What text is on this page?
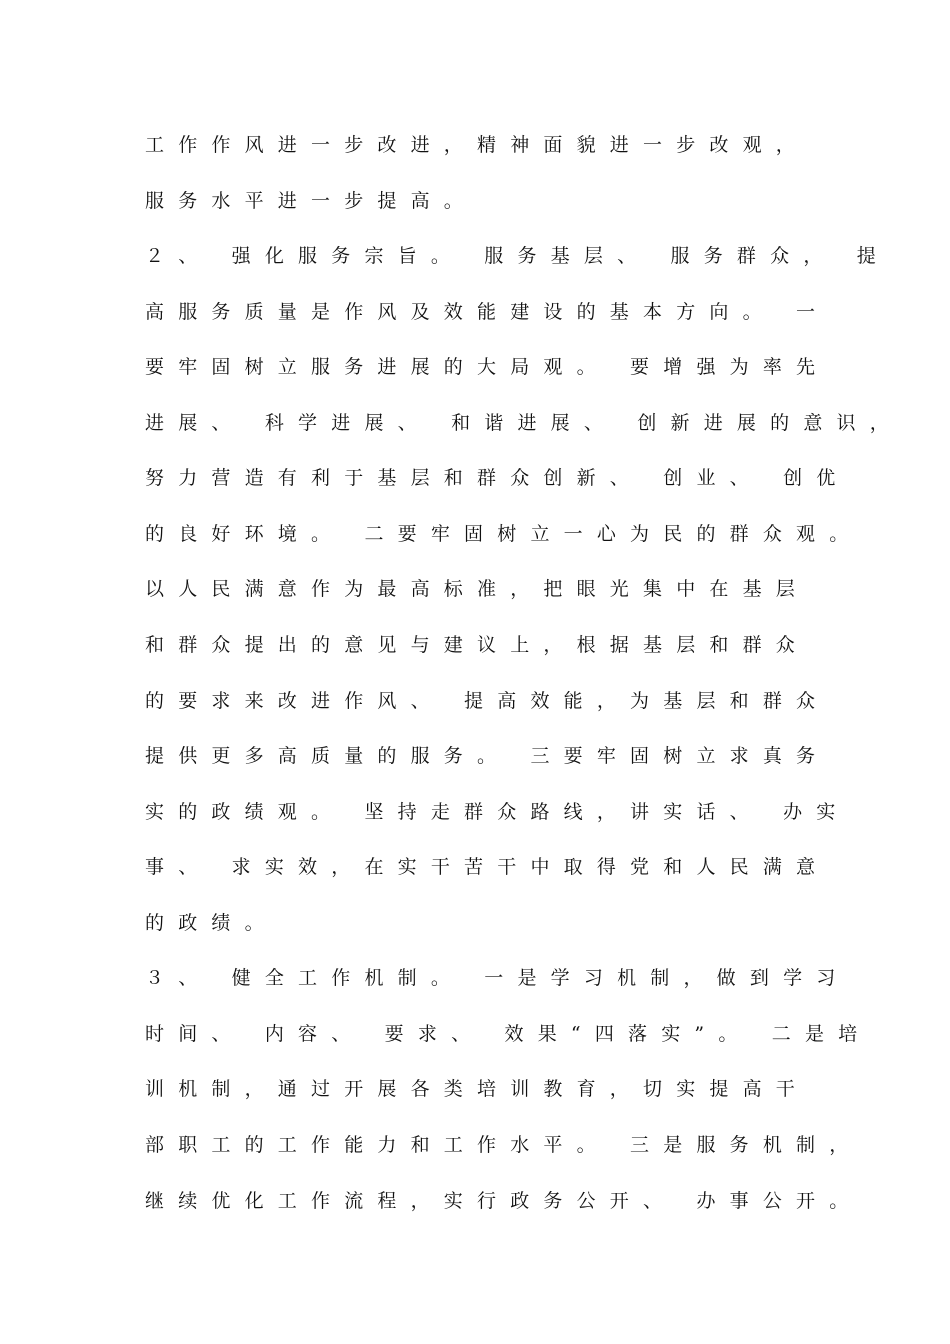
工作作风进一步改进，精神面貌进一步改观，
服务水平进一步提高。
２、 强化服务宗旨。 服务基层、 服务群众， 提
高服务质量是作风及效能建设的基本方向。 一
要牢固树立服务进展的大局观。 要增强为率先
进展、 科学进展、 和谐进展、 创新进展的意识，
努力营造有利于基层和群众创新、 创业、 创优
的良好环境。 二要牢固树立一心为民的群众观。
以人民满意作为最高标准，把眼光集中在基层
和群众提出的意见与建议上，根据基层和群众
的要求来改进作风、 提高效能，为基层和群众
提供更多高质量的服务。 三要牢固树立求真务
实的政绩观。 坚持走群众路线，讲实话、 办实
事、 求实效，在实干苦干中取得党和人民满意
的政绩。
３、 健全工作机制。 一是学习机制，做到学习
时间、 内容、 要求、 效果“四落实”。 二是培
训机制，通过开展各类培训教育，切实提高干
部职工的工作能力和工作水平。 三是服务机制，
继续优化工作流程，实行政务公开、 办事公开。
